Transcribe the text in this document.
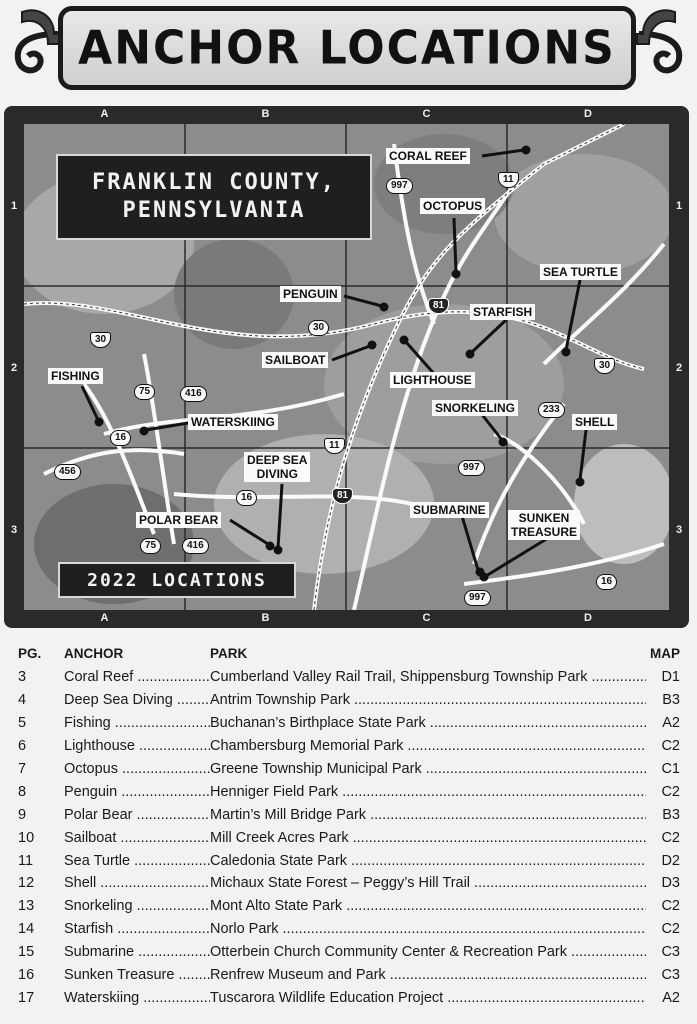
ANCHOR LOCATIONS
A	B	C	D
A	B	C	D
1
2
3
1
2
3
FRANKLIN COUNTY,
PENNSYLVANIA
2022 LOCATIONS
CORAL REEF
OCTOPUS
SEA TURTLE
PENGUIN
STARFISH
SAILBOAT
LIGHTHOUSE
FISHING
WATERSKIING
SNORKELING
SHELL
DEEP SEA
DIVING
POLAR BEAR
SUBMARINE
SUNKEN
TREASURE
997
11
81
30
30
30
75	416
16
233
11
997
456
16	81
75	416
997
16
PG.	ANCHOR	PARK	MAP
3	Coral Reef .....	Cumberland Valley Rail Trail, Shippensburg Township Park .....	D1
4	Deep Sea Diving .....	Antrim Township Park .....	B3
5	Fishing .....	Buchanan’s Birthplace State Park .....	A2
6	Lighthouse .....	Chambersburg Memorial Park .....	C2
7	Octopus .....	Greene Township Municipal Park .....	C1
8	Penguin .....	Henniger Field Park .....	C2
9	Polar Bear .....	Martin’s Mill Bridge Park .....	B3
10	Sailboat .....	Mill Creek Acres Park .....	C2
11	Sea Turtle .....	Caledonia State Park .....	D2
12	Shell .....	Michaux State Forest – Peggy’s Hill Trail .....	D3
13	Snorkeling .....	Mont Alto State Park .....	C2
14	Starfish .....	Norlo Park .....	C2
15	Submarine .....	Otterbein Church Community Center & Recreation Park .....	C3
16	Sunken Treasure .....	Renfrew Museum and Park .....	C3
17	Waterskiing .....	Tuscarora Wildlife Education Project .....	A2
